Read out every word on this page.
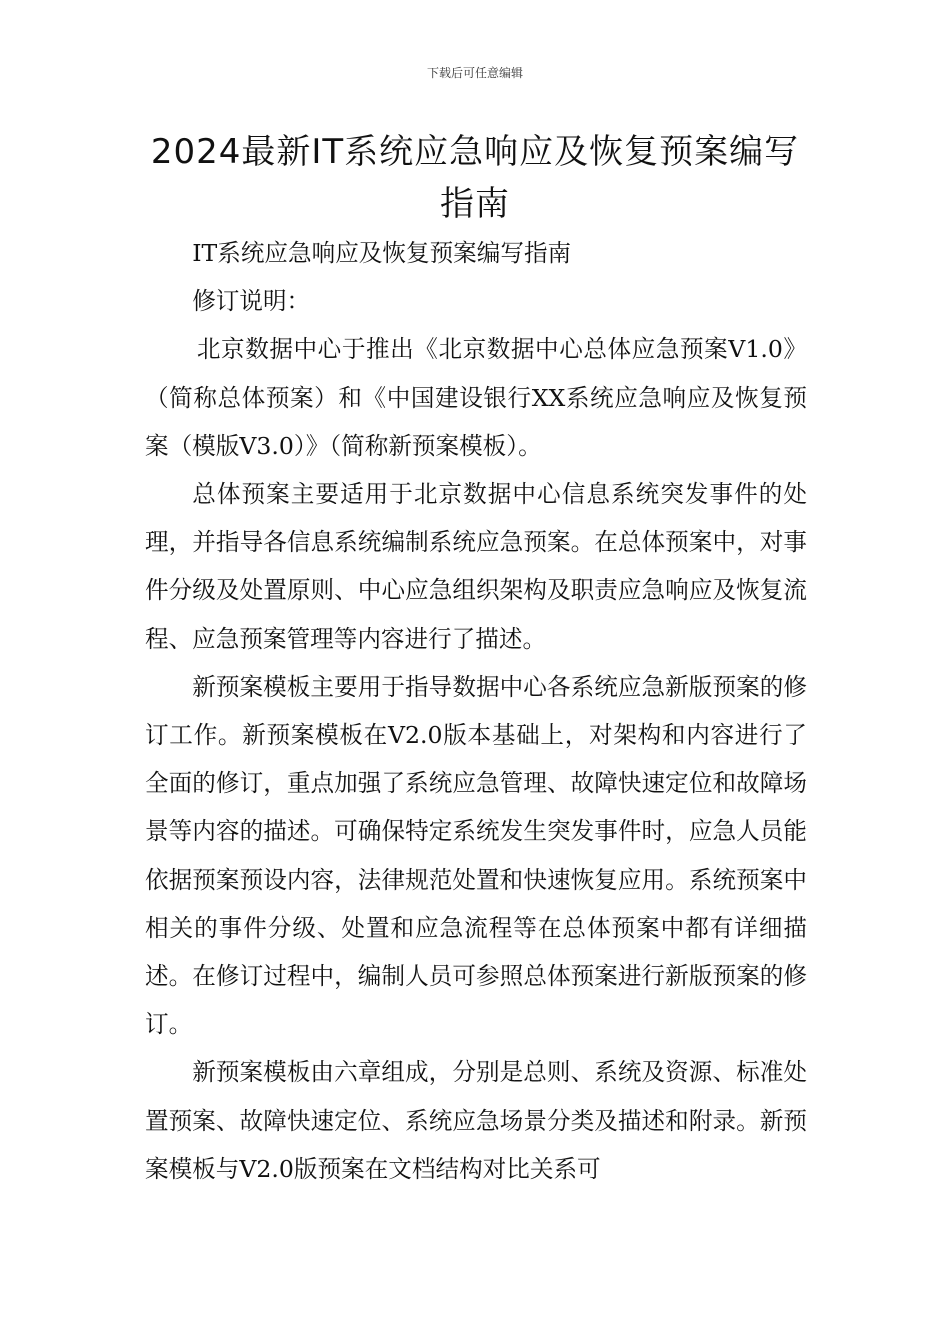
下载后可任意编辑
2024最新IT系统应急响应及恢复预案编写指南

IT系统应急响应及恢复预案编写指南

修订说明：

北京数据中心于推出《北京数据中心总体应急预案V1.0》（简称总体预案）和《中国建设银行XX系统应急响应及恢复预案（模版V3.0）》（简称新预案模板）。

总体预案主要适用于北京数据中心信息系统突发事件的处理，并指导各信息系统编制系统应急预案。在总体预案中，对事件分级及处置原则、中心应急组织架构及职责应急响应及恢复流程、应急预案管理等内容进行了描述。

新预案模板主要用于指导数据中心各系统应急新版预案的修订工作。新预案模板在V2.0版本基础上，对架构和内容进行了全面的修订，重点加强了系统应急管理、故障快速定位和故障场景等内容的描述。可确保特定系统发生突发事件时，应急人员能依据预案预设内容，法律规范处置和快速恢复应用。系统预案中相关的事件分级、处置和应急流程等在总体预案中都有详细描述。在修订过程中，编制人员可参照总体预案进行新版预案的修订。

新预案模板由六章组成，分别是总则、系统及资源、标准处置预案、故障快速定位、系统应急场景分类及描述和附录。新预案模板与V2.0版预案在文档结构对比关系可
